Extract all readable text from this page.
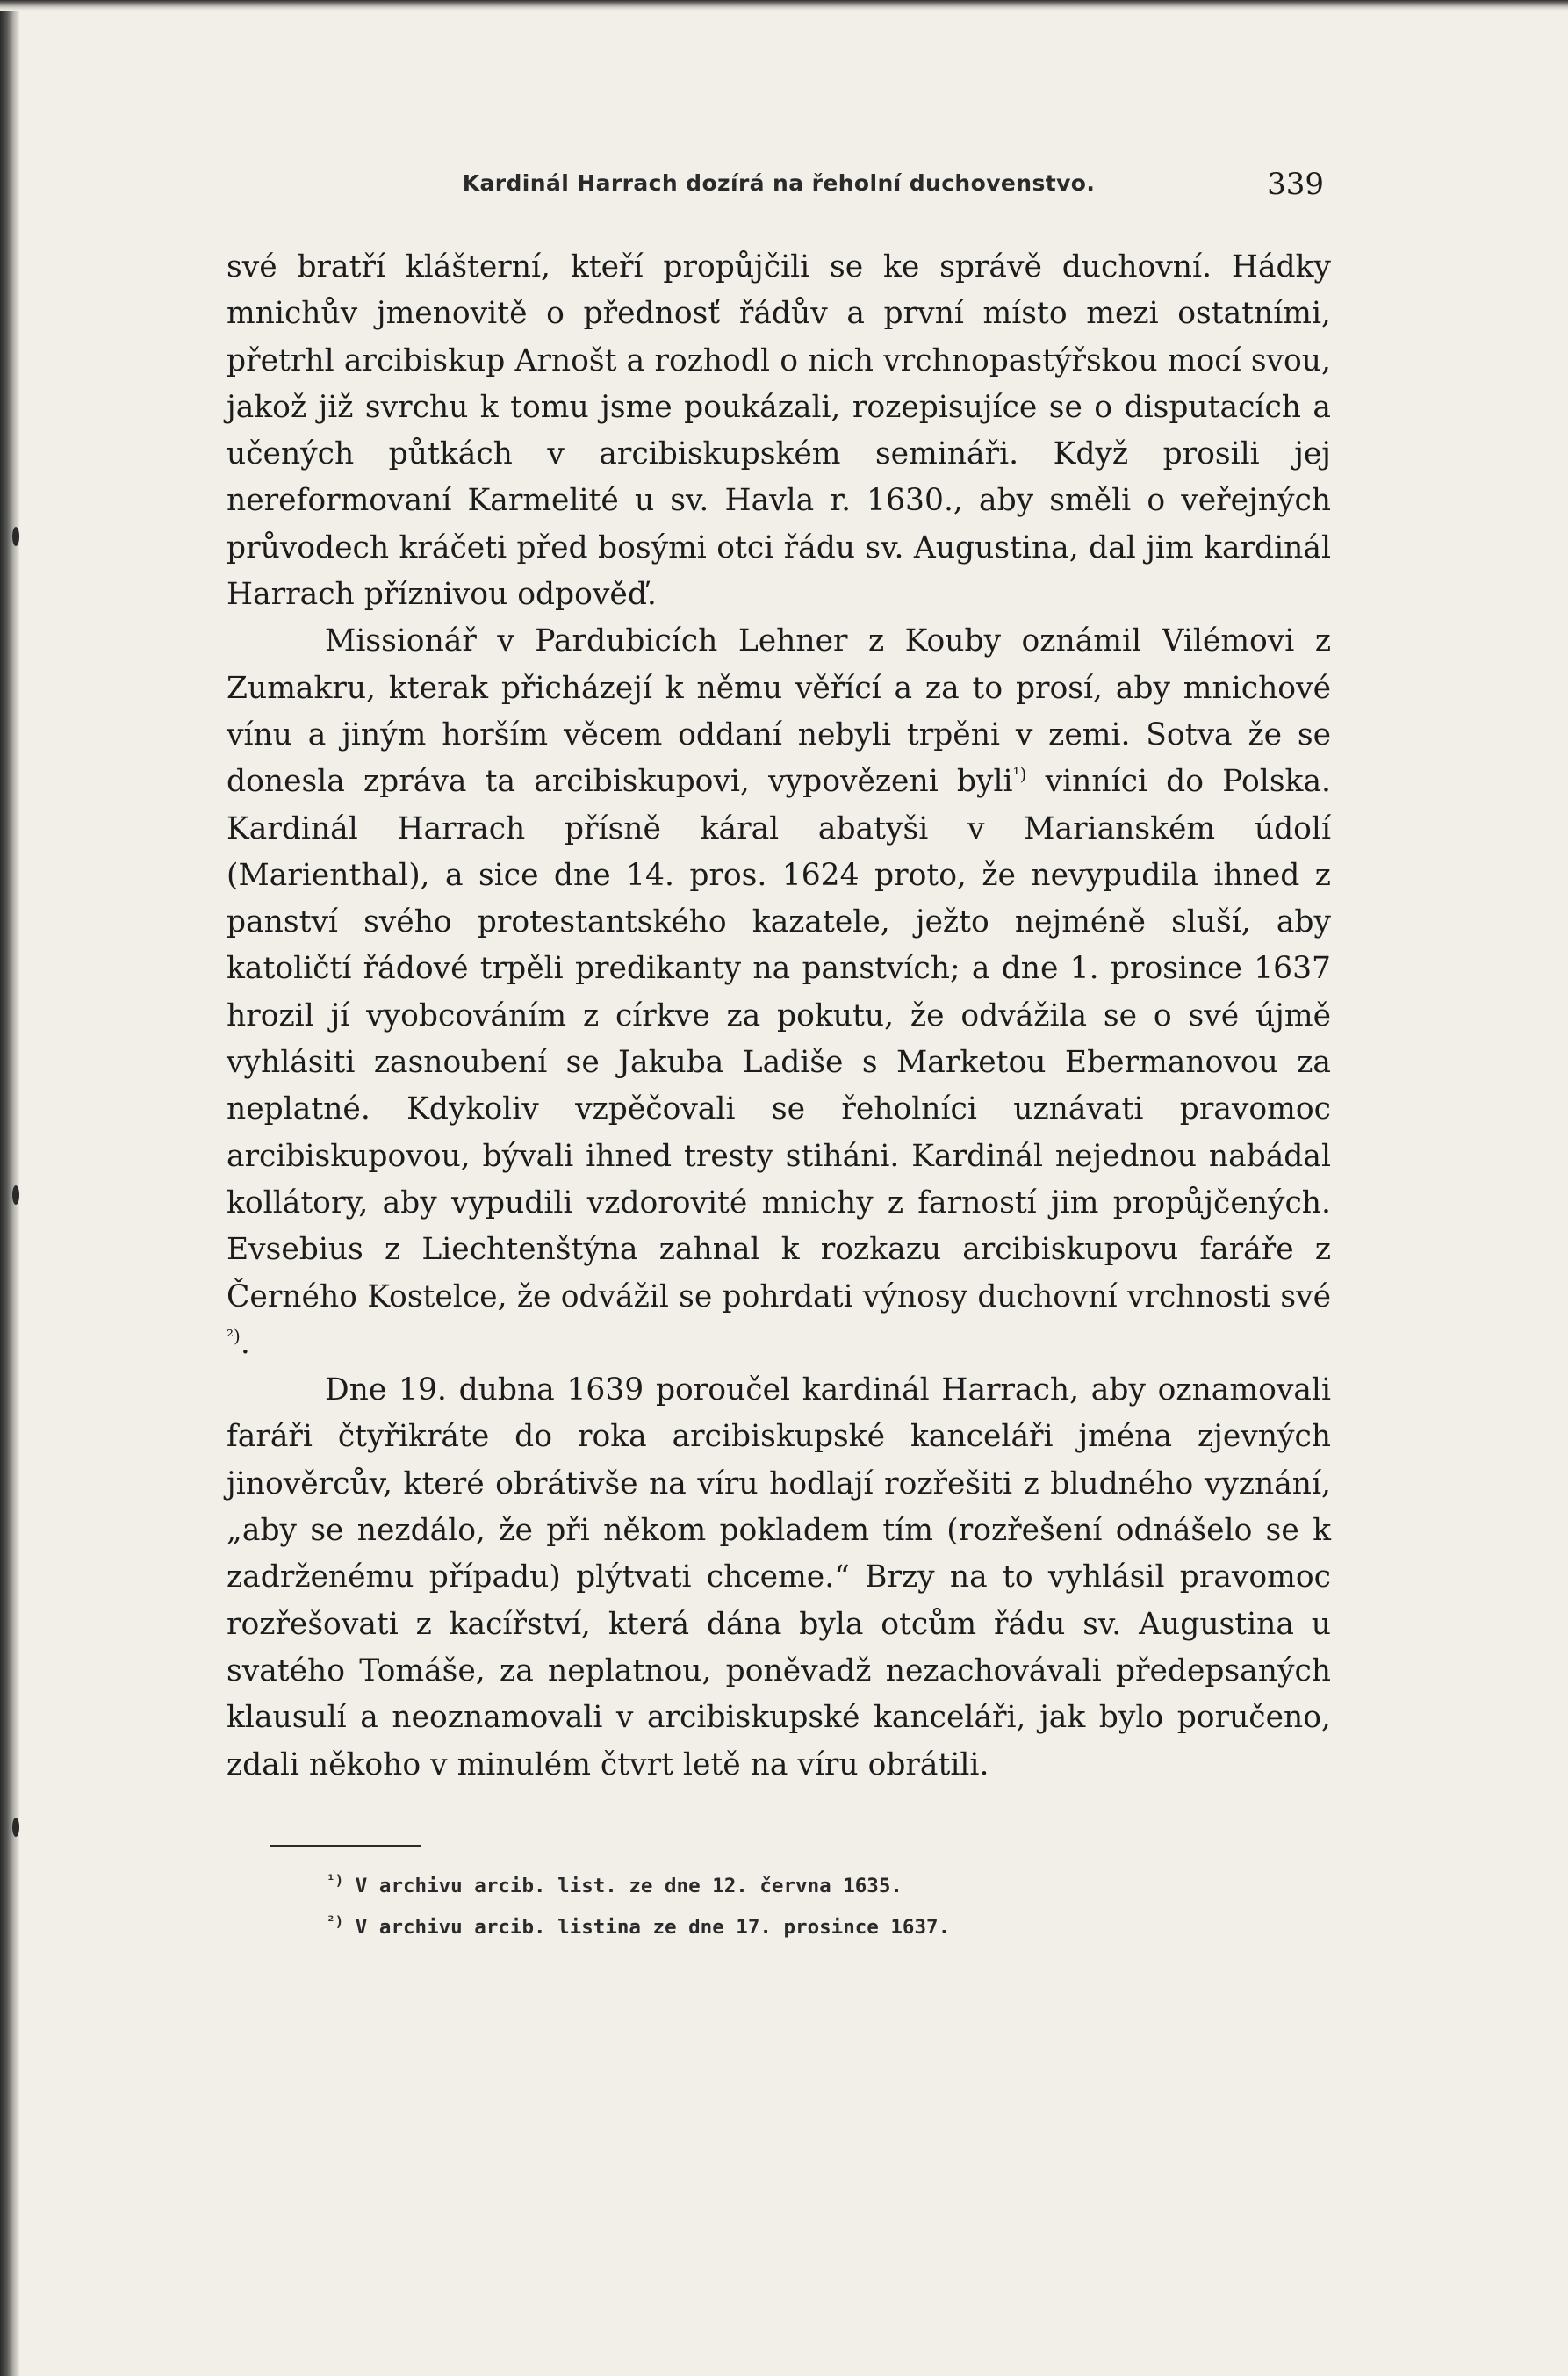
Kardinál Harrach dozírá na řeholní duchovenstvo.	339

své bratří klášterní, kteří propůjčili se ke správě duchovní. Hádky mnichův jmenovitě o přednosť řádův a první místo mezi ostatními, přetrhl arcibiskup Arnošt a rozhodl o nich vrchnopastýřskou mocí svou, jakož již svrchu k tomu jsme poukázali, rozepisujíce se o disputacích a učených půtkách v arcibiskupském semináři. Když prosili jej nereformovaní Karmelité u sv. Havla r. 1630., aby směli o veřejných průvodech kráčeti před bosými otci řádu sv. Augustina, dal jim kardinál Harrach příznivou odpověď.

Missionář v Pardubicích Lehner z Kouby oznámil Vilémovi z Zumakru, kterak přicházejí k němu věřící a za to prosí, aby mnichové vínu a jiným horším věcem oddaní nebyli trpěni v zemi. Sotva že se donesla zpráva ta arcibiskupovi, vypovězeni byli$^{^1)}$ vinníci do Polska. Kardinál Harrach přísně káral abatyši v Marianském údolí (Marienthal), a sice dne 14. pros. 1624 proto, že nevypudila ihned z panství svého protestantského kazatele, ježto nejméně sluší, aby katoličtí řádové trpěli predikanty na panstvích; a dne 1. prosince 1637 hrozil jí vyobcováním z církve za pokutu, že odvážila se o své újmě vyhlásiti zasnoubení se Jakuba Ladiše s Marketou Ebermanovou za neplatné. Kdykoliv vzpěčovali se řeholníci uznávati pravomoc arcibiskupovou, bývali ihned tresty stiháni. Kardinál nejednou nabádal kollátory, aby vypudili vzdorovité mnichy z farností jim propůjčených. Evsebius z Liechtenštýna zahnal k rozkazu arcibiskupovu faráře z Černého Kostelce, že odvážil se pohrdati výnosy duchovní vrchnosti své $^{^2)}$.

Dne 19. dubna 1639 poroučel kardinál Harrach, aby oznamovali faráři čtyřikráte do roka arcibiskupské kanceláři jména zjevných jinověrcův, které obrátivše na víru hodlají rozřešiti z bludného vyznání, „aby se nezdálo, že při někom pokladem tím (rozřešení odnášelo se k zadrženému případu) plýtvati chceme.“ Brzy na to vyhlásil pravomoc rozřešovati z kacířství, která dána byla otcům řádu sv. Augustina u svatého Tomáše, za neplatnou, poněvadž nezachovávali předepsaných klausulí a neoznamovali v arcibiskupské kanceláři, jak bylo poručeno, zdali někoho v minulém čtvrt letě na víru obrátili.

$^{^1)}$ V archivu arcib. list. ze dne 12. června 1635.
$^{^2)}$ V archivu arcib. listina ze dne 17. prosince 1637.
